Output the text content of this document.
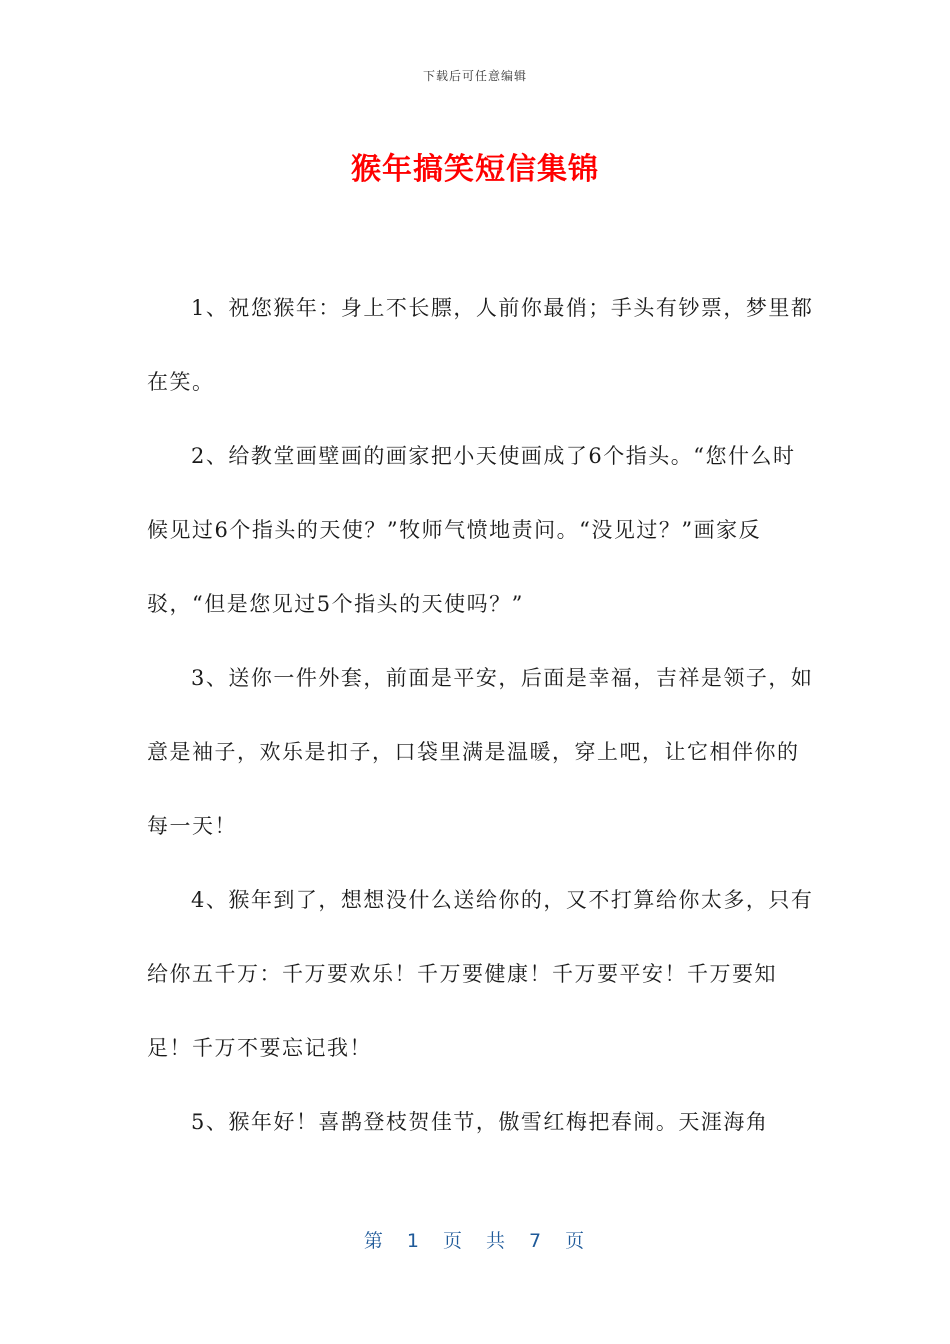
下载后可任意编辑
猴年搞笑短信集锦

1、祝您猴年：身上不长膘，人前你最俏；手头有钞票，梦里都在笑。

2、给教堂画壁画的画家把小天使画成了6个指头。“您什么时候见过6个指头的天使？”牧师气愤地责问。“没见过？”画家反驳，“但是您见过5个指头的天使吗？”

3、送你一件外套，前面是平安，后面是幸福，吉祥是领子，如意是袖子，欢乐是扣子，口袋里满是温暖，穿上吧，让它相伴你的每一天！

4、猴年到了，想想没什么送给你的，又不打算给你太多，只有给你五千万：千万要欢乐！千万要健康！千万要平安！千万要知足！千万不要忘记我！

5、猴年好！喜鹊登枝贺佳节，傲雪红梅把春闹。天涯海角

第 1 页 共 7 页
